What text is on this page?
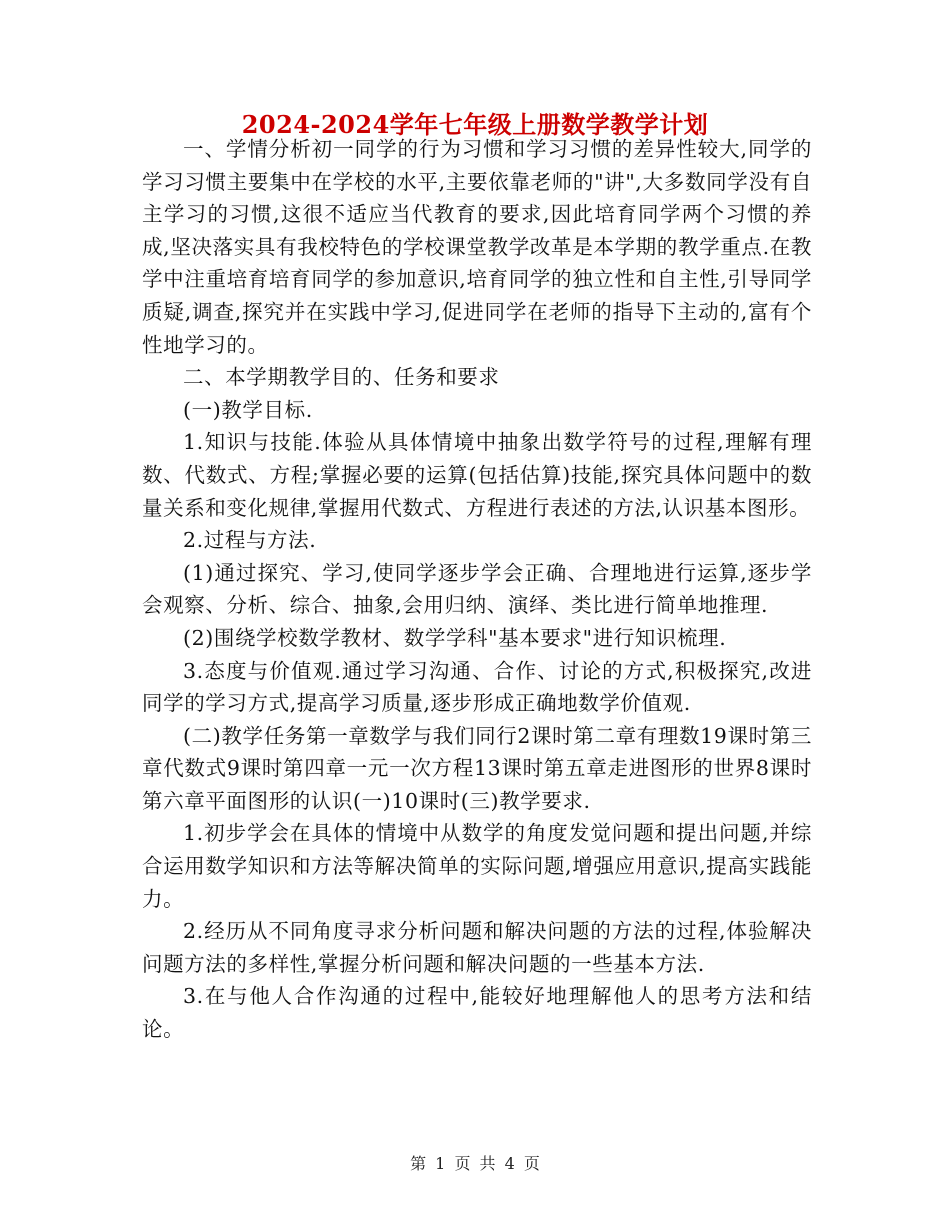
2024-2024学年七年级上册数学教学计划

一、学情分析初一同学的行为习惯和学习习惯的差异性较大,同学的学习习惯主要集中在学校的水平,主要依靠老师的"讲",大多数同学没有自主学习的习惯,这很不适应当代教育的要求,因此培育同学两个习惯的养成,坚决落实具有我校特色的学校课堂教学改革是本学期的教学重点.在教学中注重培育培育同学的参加意识,培育同学的独立性和自主性,引导同学质疑,调查,探究并在实践中学习,促进同学在老师的指导下主动的,富有个性地学习的。

二、本学期教学目的、任务和要求

(一)教学目标.

1.知识与技能.体验从具体情境中抽象出数学符号的过程,理解有理数、代数式、方程;掌握必要的运算(包括估算)技能,探究具体问题中的数量关系和变化规律,掌握用代数式、方程进行表述的方法,认识基本图形。

2.过程与方法.

(1)通过探究、学习,使同学逐步学会正确、合理地进行运算,逐步学会观察、分析、综合、抽象,会用归纳、演绎、类比进行简单地推理.

(2)围绕学校数学教材、数学学科"基本要求"进行知识梳理.

3.态度与价值观.通过学习沟通、合作、讨论的方式,积极探究,改进同学的学习方式,提高学习质量,逐步形成正确地数学价值观.

(二)教学任务第一章数学与我们同行2课时第二章有理数19课时第三章代数式9课时第四章一元一次方程13课时第五章走进图形的世界8课时第六章平面图形的认识(一)10课时(三)教学要求.

1.初步学会在具体的情境中从数学的角度发觉问题和提出问题,并综合运用数学知识和方法等解决简单的实际问题,增强应用意识,提高实践能力。

2.经历从不同角度寻求分析问题和解决问题的方法的过程,体验解决问题方法的多样性,掌握分析问题和解决问题的一些基本方法.

3.在与他人合作沟通的过程中,能较好地理解他人的思考方法和结论。

第 1 页 共 4 页
